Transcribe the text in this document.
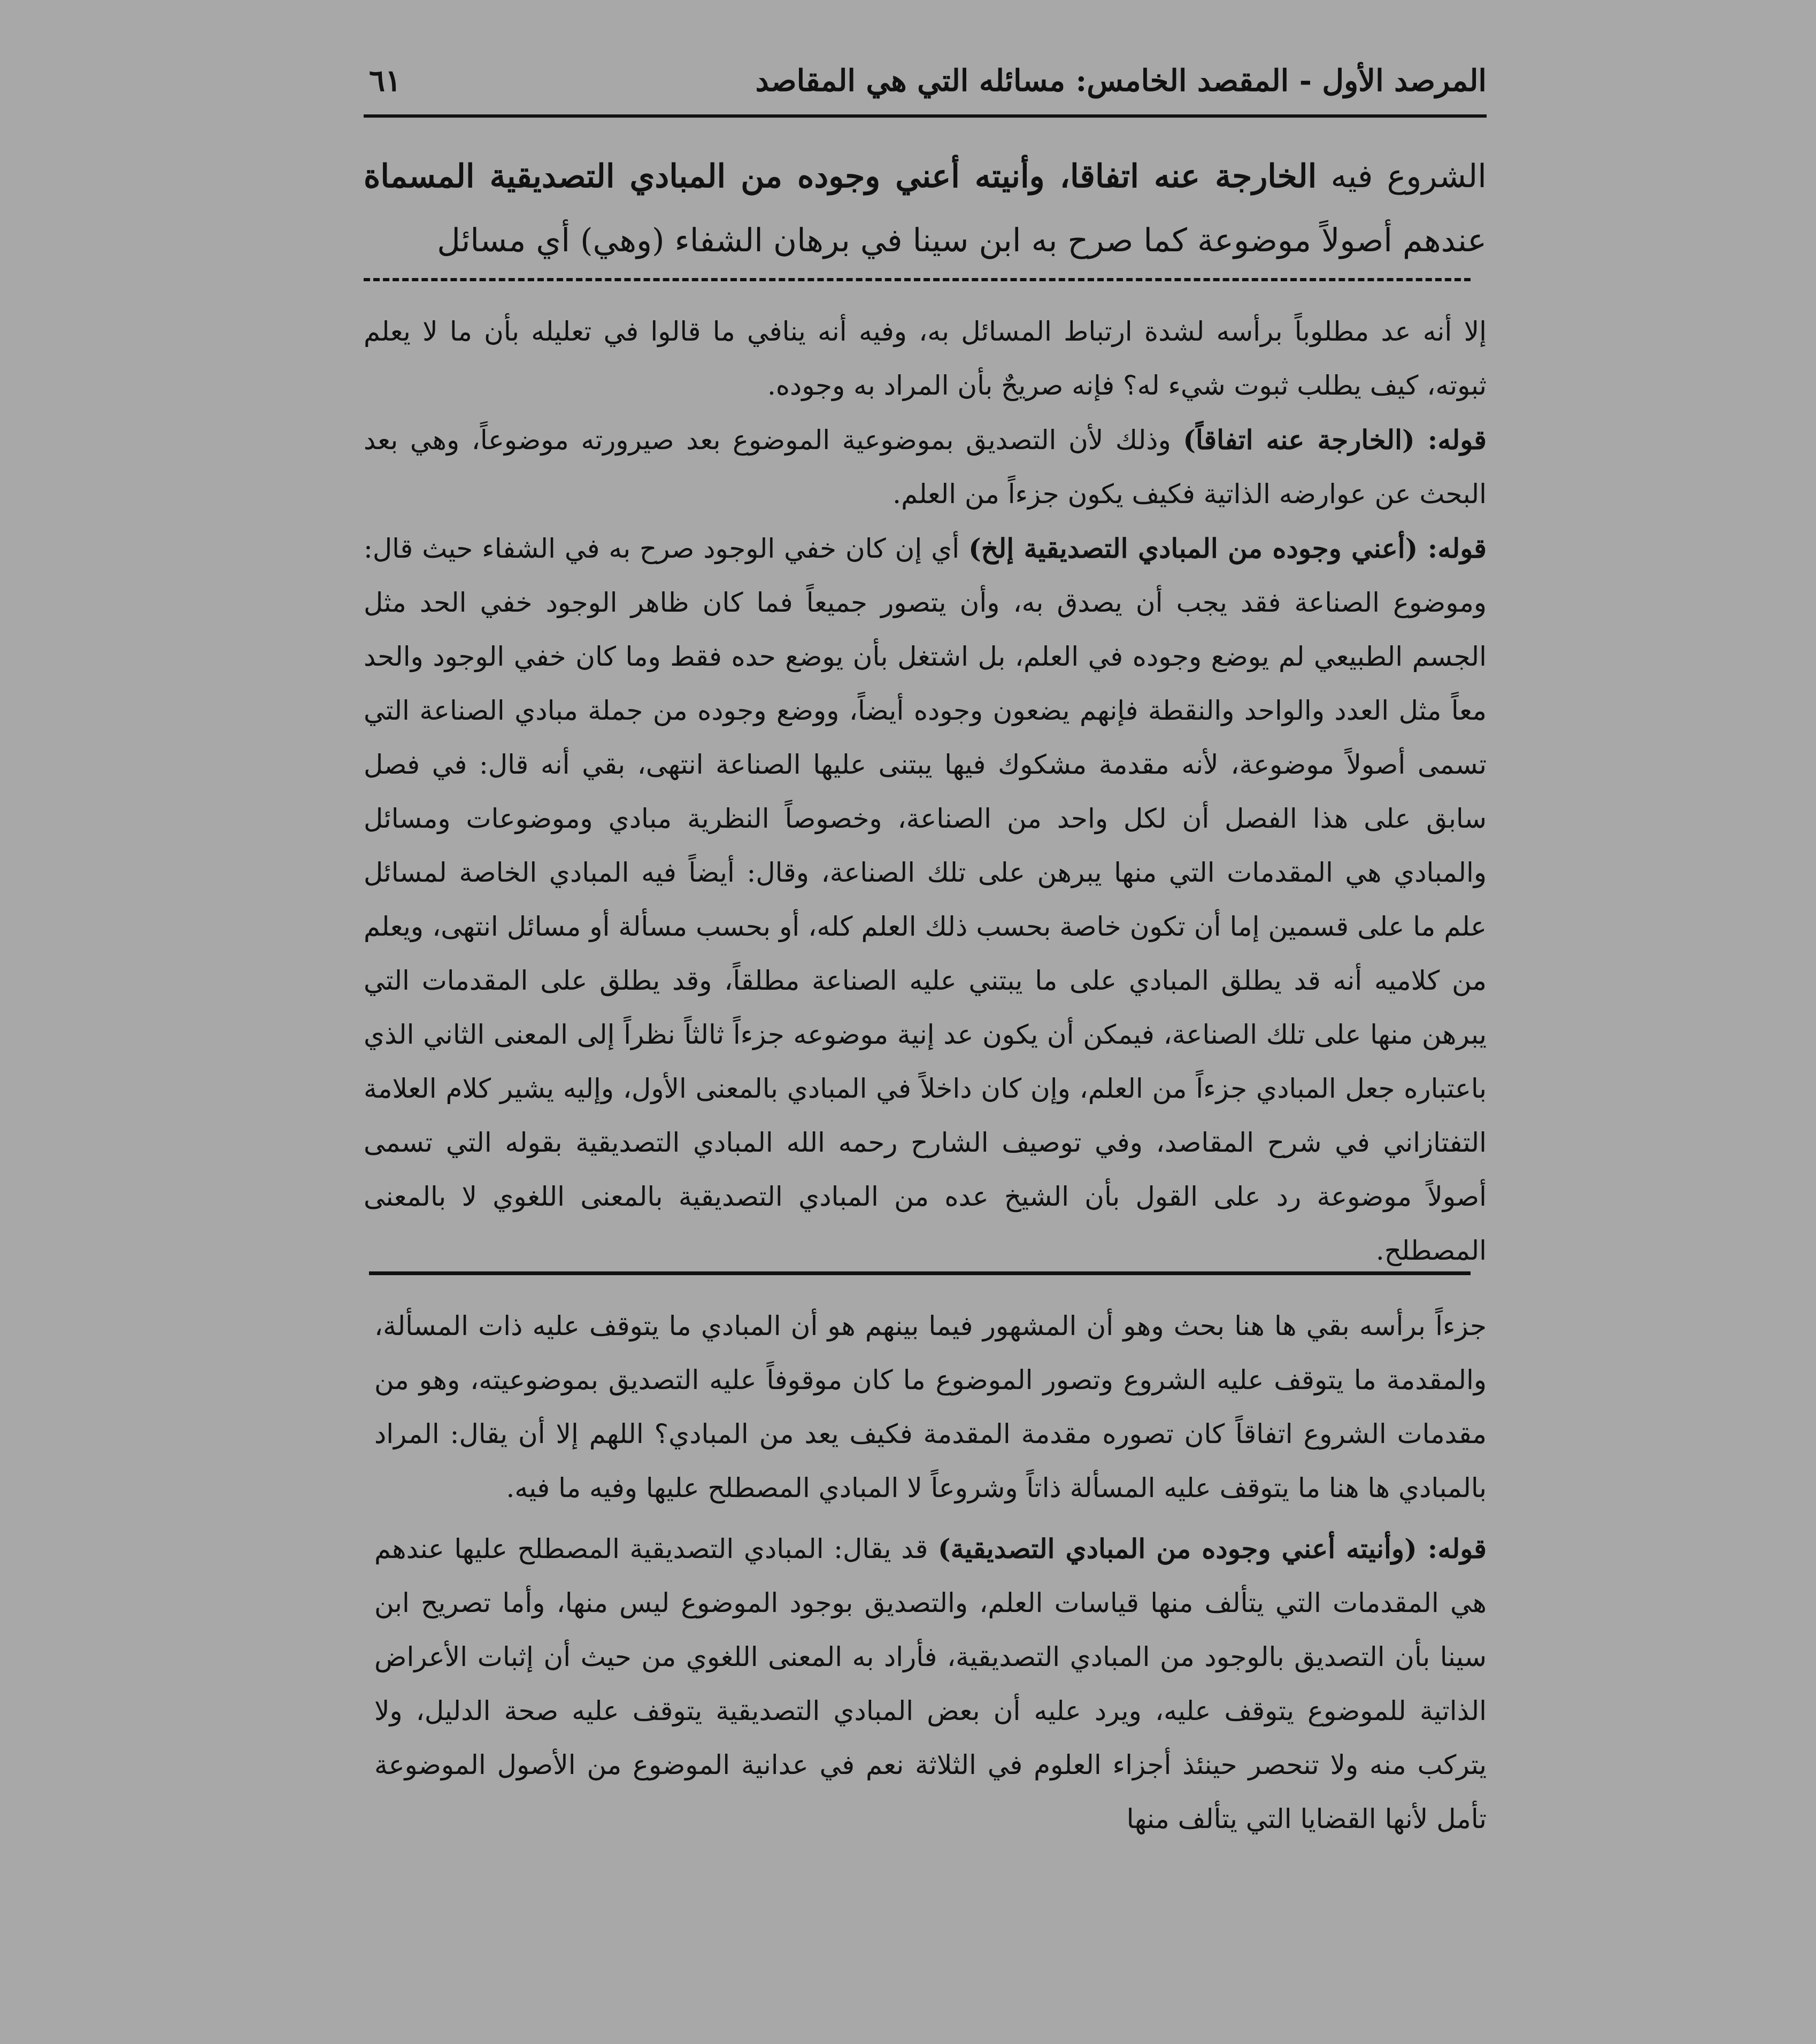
المرصد الأول - المقصد الخامس: مسائله التي هي المقاصد
٦١
الشروع فيه الخارجة عنه اتفاقا، وأنيته أعني وجوده من المبادي التصديقية المسماة عندهم أصولاً موضوعة كما صرح به ابن سينا في برهان الشفاء (وهي) أي مسائل

إلا أنه عد مطلوباً برأسه لشدة ارتباط المسائل به، وفيه أنه ينافي ما قالوا في تعليله بأن ما لا يعلم ثبوته، كيف يطلب ثبوت شيء له؟ فإنه صريحٌ بأن المراد به وجوده.

قوله: (الخارجة عنه اتفاقاً) وذلك لأن التصديق بموضوعية الموضوع بعد صيرورته موضوعاً، وهي بعد البحث عن عوارضه الذاتية فكيف يكون جزءاً من العلم.

قوله: (أعني وجوده من المبادي التصديقية إلخ) أي إن كان خفي الوجود صرح به في الشفاء حيث قال: وموضوع الصناعة فقد يجب أن يصدق به، وأن يتصور جميعاً فما كان ظاهر الوجود خفي الحد مثل الجسم الطبيعي لم يوضع وجوده في العلم، بل اشتغل بأن يوضع حده فقط وما كان خفي الوجود والحد معاً مثل العدد والواحد والنقطة فإنهم يضعون وجوده أيضاً، ووضع وجوده من جملة مبادي الصناعة التي تسمى أصولاً موضوعة، لأنه مقدمة مشكوك فيها يبتنى عليها الصناعة انتهى، بقي أنه قال: في فصل سابق على هذا الفصل أن لكل واحد من الصناعة، وخصوصاً النظرية مبادي وموضوعات ومسائل والمبادي هي المقدمات التي منها يبرهن على تلك الصناعة، وقال: أيضاً فيه المبادي الخاصة لمسائل علم ما على قسمين إما أن تكون خاصة بحسب ذلك العلم كله، أو بحسب مسألة أو مسائل انتهى، ويعلم من كلاميه أنه قد يطلق المبادي على ما يبتني عليه الصناعة مطلقاً، وقد يطلق على المقدمات التي يبرهن منها على تلك الصناعة، فيمكن أن يكون عد إنية موضوعه جزءاً ثالثاً نظراً إلى المعنى الثاني الذي باعتباره جعل المبادي جزءاً من العلم، وإن كان داخلاً في المبادي بالمعنى الأول، وإليه يشير كلام العلامة التفتازاني في شرح المقاصد، وفي توصيف الشارح رحمه الله المبادي التصديقية بقوله التي تسمى أصولاً موضوعة رد على القول بأن الشيخ عده من المبادي التصديقية بالمعنى اللغوي لا بالمعنى المصطلح.

جزءاً برأسه بقي ها هنا بحث وهو أن المشهور فيما بينهم هو أن المبادي ما يتوقف عليه ذات المسألة، والمقدمة ما يتوقف عليه الشروع وتصور الموضوع ما كان موقوفاً عليه التصديق بموضوعيته، وهو من مقدمات الشروع اتفاقاً كان تصوره مقدمة المقدمة فكيف يعد من المبادي؟ اللهم إلا أن يقال: المراد بالمبادي ها هنا ما يتوقف عليه المسألة ذاتاً وشروعاً لا المبادي المصطلح عليها وفيه ما فيه.

قوله: (وأنيته أعني وجوده من المبادي التصديقية) قد يقال: المبادي التصديقية المصطلح عليها عندهم هي المقدمات التي يتألف منها قياسات العلم، والتصديق بوجود الموضوع ليس منها، وأما تصريح ابن سينا بأن التصديق بالوجود من المبادي التصديقية، فأراد به المعنى اللغوي من حيث أن إثبات الأعراض الذاتية للموضوع يتوقف عليه، ويرد عليه أن بعض المبادي التصديقية يتوقف عليه صحة الدليل، ولا يتركب منه ولا تنحصر حينئذ أجزاء العلوم في الثلاثة نعم في عدانية الموضوع من الأصول الموضوعة تأمل لأنها القضايا التي يتألف منها
